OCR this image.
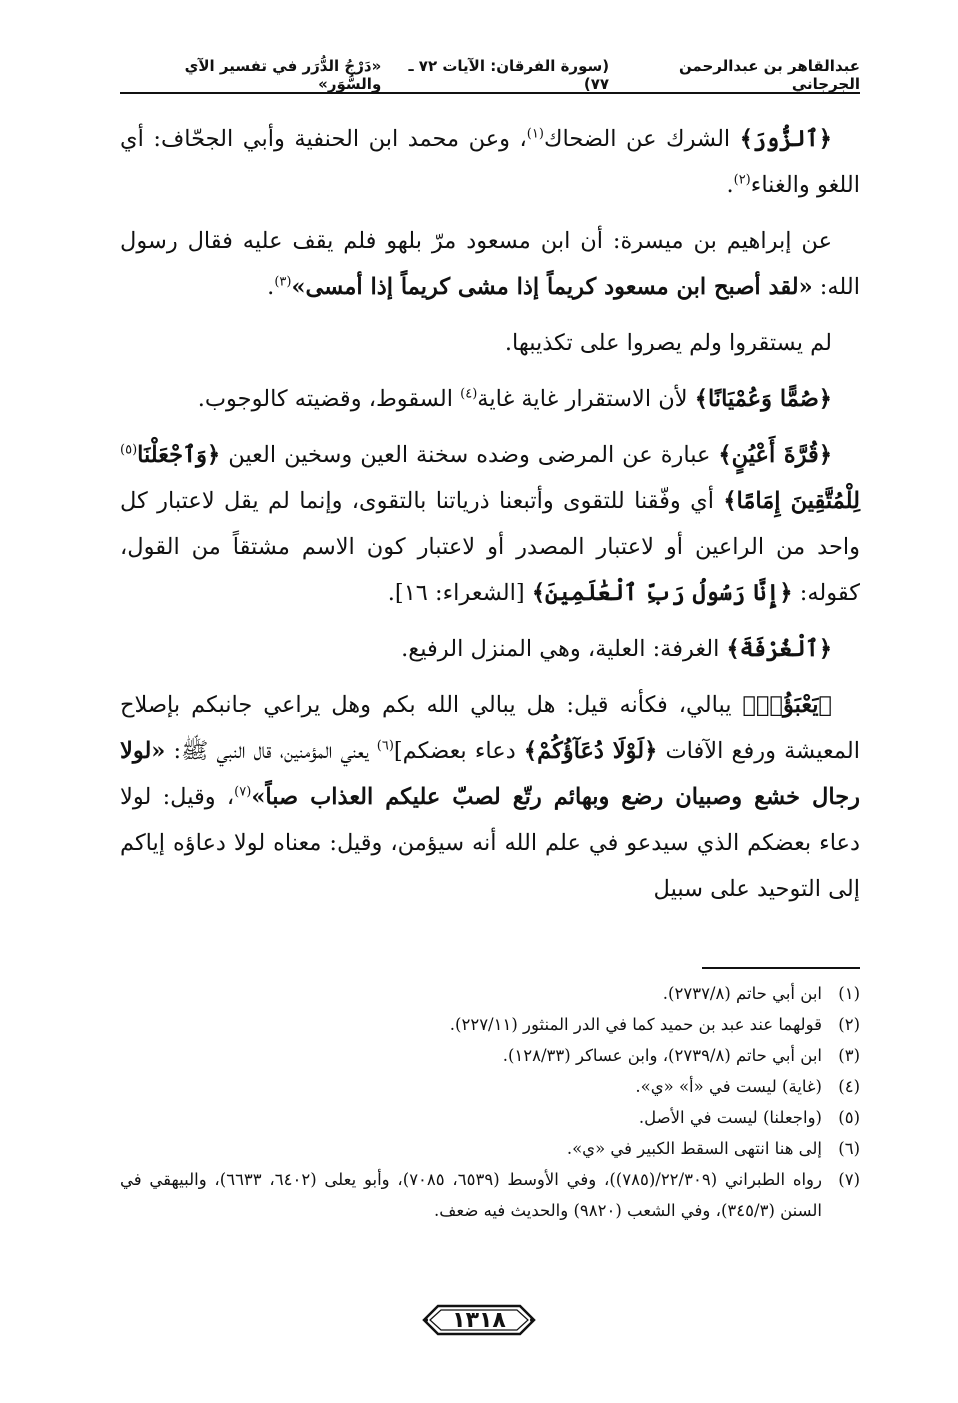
عبدالقاهر بن عبدالرحمن الجرجاني
(سورة الفرقان: الآيات ٧٢ ـ ٧٧)
«دَرْجُ الدُّرَر في تفسير الآي والسُّوَر»

﴿ٱلزُّورَ﴾ الشرك عن الضحاك$^{(١)}$، وعن محمد ابن الحنفية وأبي الجحّاف: أي اللغو والغناء$^{(٢)}$.

عن إبراهيم بن ميسرة: أن ابن مسعود مرّ بلهو فلم يقف عليه فقال رسول الله: «لقد أصبح ابن مسعود كريماً إذا مشى كريماً إذا أمسى»$^{(٣)}$.

لم يستقروا ولم يصروا على تكذيبها.

﴿صُمًّا وَعُمْيَانًا﴾ لأن الاستقرار غاية غاية$^{(٤)}$ السقوط، وقضيته كالوجوب.

﴿قُرَّةَ أَعْيُنٍ﴾ عبارة عن المرضى وضده سخنة العين وسخين العين ﴿وَٱجْعَلْنَا$^{(٥)}$ لِلْمُتَّقِينَ إِمَامًا﴾ أي وفّقنا للتقوى وأتبعنا ذرياتنا بالتقوى، وإنما لم يقل لاعتبار كل واحد من الراعين أو لاعتبار المصدر أو لاعتبار كون الاسم مشتقاً من القول، كقوله: ﴿إِنَّا رَسُولُ رَبِّ ٱلْعَٰلَمِينَ﴾ [الشعراء: ١٦].

﴿ٱلْغُرْفَةَ﴾ الغرفة: العلية، وهي المنزل الرفيع.

﴿يَعْبَؤُا۟﴾ يبالي، فكأنه قيل: هل يبالي الله بكم وهل يراعي جانبكم بإصلاح المعيشة ورفع الآفات ﴿لَوْلَا دُعَآؤُكُمْ﴾ دعاء بعضكم]$^{(٦)}$ يعني المؤمنين، قال النبي ﷺ: «لولا رجال خشع وصبيان رضع وبهائم رتّع لصبّ عليكم العذاب صباً»$^{(٧)}$، وقيل: لولا دعاء بعضكم الذي سيدعو في علم الله أنه سيؤمن، وقيل: معناه لولا دعاؤه إياكم إلى التوحيد على سبيل

(١)
ابن أبي حاتم (٢٧٣٧/٨).
(٢)
قولهما عند عبد بن حميد كما في الدر المنثور (٢٢٧/١١).
(٣)
ابن أبي حاتم (٢٧٣٩/٨)، وابن عساكر (١٢٨/٣٣).
(٤)
(غاية) ليست في «أ» «ي».
(٥)
(واجعلنا) ليست في الأصل.
(٦)
إلى هنا انتهى السقط الكبير في «ي».
(٧)
رواه الطبراني (٢٢/٣٠٩/(٧٨٥))، وفي الأوسط (٦٥٣٩، ٧٠٨٥)، وأبو يعلى (٦٤٠٢، ٦٦٣٣)، والبيهقي في السنن (٣٤٥/٣)، وفي الشعب (٩٨٢٠) والحديث فيه ضعف.
١٣١٨
